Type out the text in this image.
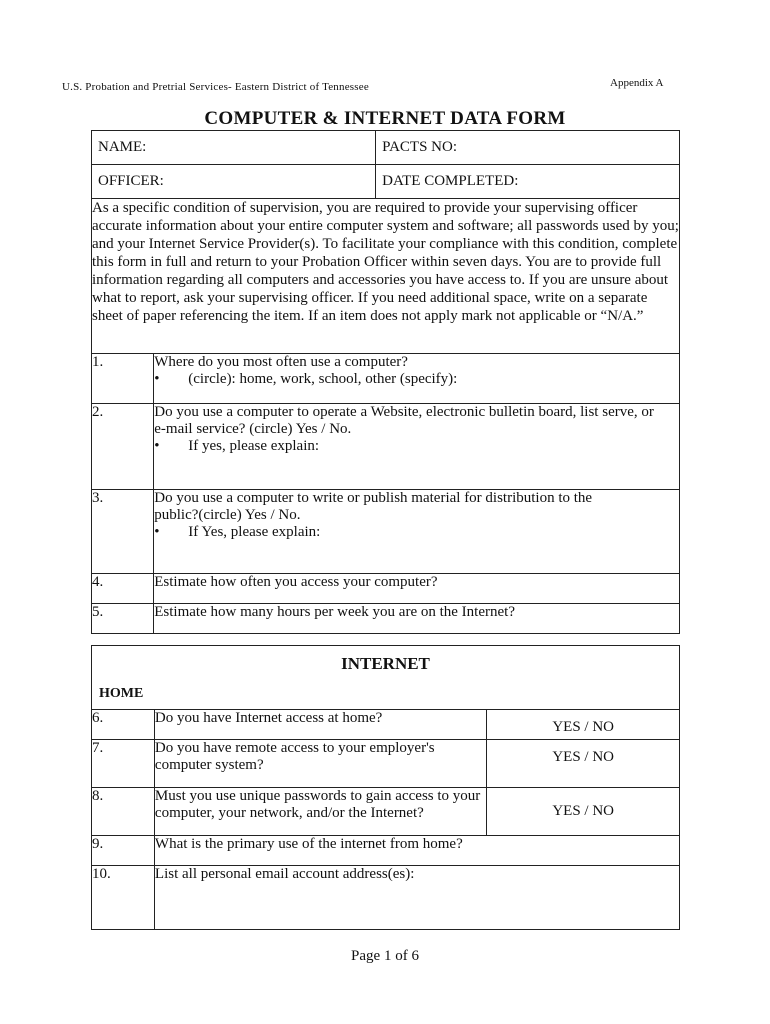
U.S. Probation and Pretrial Services- Eastern District of Tennessee	Appendix A
COMPUTER & INTERNET DATA FORM
NAME:		PACTS NO:
OFFICER:		DATE COMPLETED:
As a specific condition of supervision, you are required to provide your supervising officer accurate information about your entire computer system and software; all passwords used by you; and your Internet Service Provider(s). To facilitate your compliance with this condition, complete this form in full and return to your Probation Officer within seven days. You are to provide full information regarding all computers and accessories you have access to. If you are unsure about what to report, ask your supervising officer. If you need additional space, write on a separate sheet of paper referencing the item. If an item does not apply mark not applicable or “N/A.”		
1.	Where do you most often use a computer?
• (circle): home, work, school, other (specify):	

2.	Do you use a computer to operate a Website, electronic bulletin board, list serve, or e-mail service? (circle) Yes / No.
• If yes, please explain:	

3.	Do you use a computer to write or publish material for distribution to the public?(circle) Yes / No.
• If Yes, please explain:	

4.	Estimate how often you access your computer?	
5.	Estimate how many hours per week you are on the Internet?	
INTERNET		
HOME		
6.	Do you have Internet access at home?	YES / NO
7.	Do you have remote access to your employer's computer system?	YES / NO
8.	Must you use unique passwords to gain access to your computer, your network, and/or the Internet?	YES / NO
9.	What is the primary use of the internet from home?	
10.	List all personal email account address(es):	
Page 1 of 6
